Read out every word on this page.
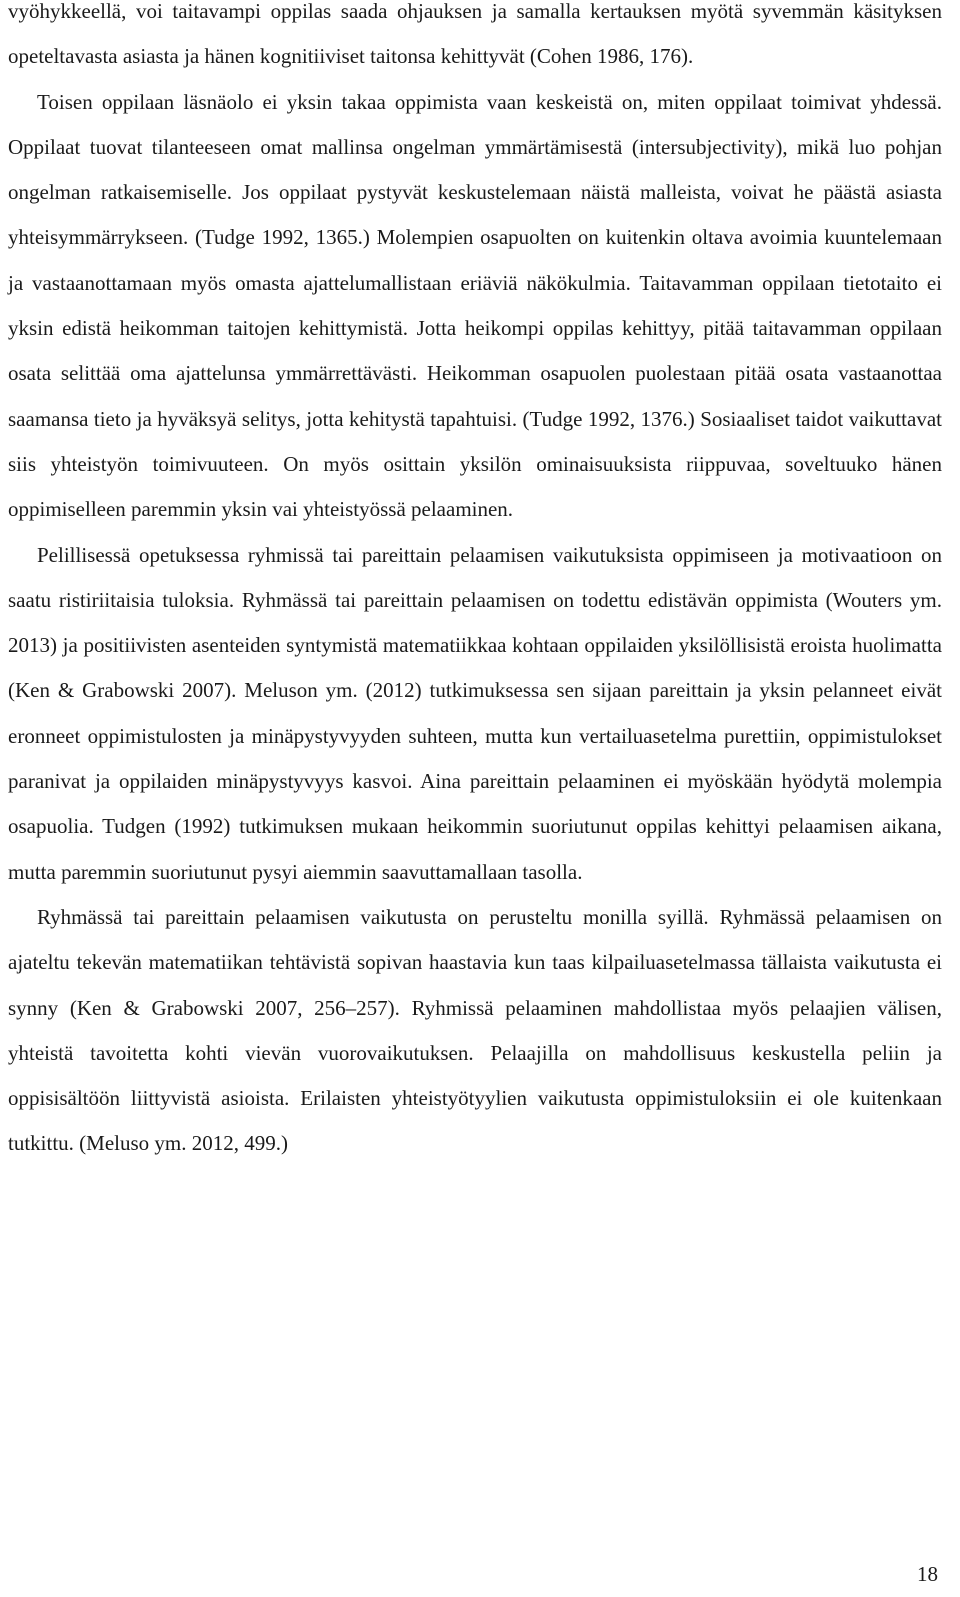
vyöhykkeellä, voi taitavampi oppilas saada ohjauksen ja samalla kertauksen myötä syvemmän käsityksen opeteltavasta asiasta ja hänen kognitiiviset taitonsa kehittyvät (Cohen 1986, 176).

Toisen oppilaan läsnäolo ei yksin takaa oppimista vaan keskeistä on, miten oppilaat toimivat yhdessä. Oppilaat tuovat tilanteeseen omat mallinsa ongelman ymmärtämisestä (intersubjectivity), mikä luo pohjan ongelman ratkaisemiselle. Jos oppilaat pystyvät keskustelemaan näistä malleista, voivat he päästä asiasta yhteisymmärrykseen. (Tudge 1992, 1365.) Molempien osapuolten on kuitenkin oltava avoimia kuuntelemaan ja vastaanottamaan myös omasta ajattelumallistaan eriäviä näkökulmia. Taitavamman oppilaan tietotaito ei yksin edistä heikomman taitojen kehittymistä. Jotta heikompi oppilas kehittyy, pitää taitavamman oppilaan osata selittää oma ajattelunsa ymmärrettävästi. Heikomman osapuolen puolestaan pitää osata vastaanottaa saamansa tieto ja hyväksyä selitys, jotta kehitystä tapahtuisi. (Tudge 1992, 1376.) Sosiaaliset taidot vaikuttavat siis yhteistyön toimivuuteen. On myös osittain yksilön ominaisuuksista riippuvaa, soveltuuko hänen oppimiselleen paremmin yksin vai yhteistyössä pelaaminen.

Pelillisessä opetuksessa ryhmissä tai pareittain pelaamisen vaikutuksista oppimiseen ja motivaatioon on saatu ristiriitaisia tuloksia. Ryhmässä tai pareittain pelaamisen on todettu edistävän oppimista (Wouters ym. 2013) ja positiivisten asenteiden syntymistä matematiikkaa kohtaan oppilaiden yksilöllisistä eroista huolimatta (Ken & Grabowski 2007). Meluson ym. (2012) tutkimuksessa sen sijaan pareittain ja yksin pelanneet eivät eronneet oppimistulosten ja minäpystyvyyden suhteen, mutta kun vertailuasetelma purettiin, oppimistulokset paranivat ja oppilaiden minäpystyvyys kasvoi. Aina pareittain pelaaminen ei myöskään hyödytä molempia osapuolia. Tudgen (1992) tutkimuksen mukaan heikommin suoriutunut oppilas kehittyi pelaamisen aikana, mutta paremmin suoriutunut pysyi aiemmin saavuttamallaan tasolla.

Ryhmässä tai pareittain pelaamisen vaikutusta on perusteltu monilla syillä. Ryhmässä pelaamisen on ajateltu tekevän matematiikan tehtävistä sopivan haastavia kun taas kilpailuasetelmassa tällaista vaikutusta ei synny (Ken & Grabowski 2007, 256–257). Ryhmissä pelaaminen mahdollistaa myös pelaajien välisen, yhteistä tavoitetta kohti vievän vuorovaikutuksen. Pelaajilla on mahdollisuus keskustella peliin ja oppisisältöön liittyvistä asioista. Erilaisten yhteistyötyylien vaikutusta oppimistuloksiin ei ole kuitenkaan tutkittu. (Meluso ym. 2012, 499.)

18
